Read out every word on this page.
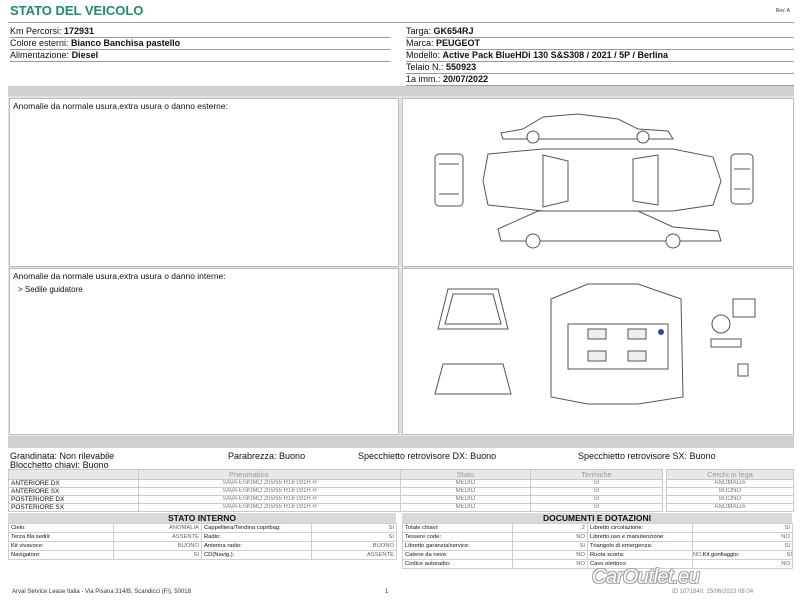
STATO DEL VEICOLO	Rev. A
Km Percorsi: 172931
Colore esterni: Bianco Banchisa pastello
Alimentazione: Diesel
Targa: GK654RJ
Marca: PEUGEOT
Modello: Active Pack BlueHDi 130 S&S308 / 2021 / 5P / Berlina
Telaio N.: 550923
1a imm.: 20/07/2022
Anomalie da normale usura,extra usura o danno esterne:
Anomalie da normale usura,extra usura o danno interne:
> Sedile guidatore
Grandinata: Non rilevabile	Parabrezza: Buono	Specchietto retrovisore DX: Buono	Specchietto retrovisore SX: Buono
Blocchetto chiavi: Buono
	Pneumatico	Stato	Termiche
ANTERIORE DX	SAVA ESKIMO 205/55 R16 091H H	MEDIO	SI
ANTERIORE SX	SAVA ESKIMO 205/55 R16 091H H	MEDIO	SI
POSTERIORE DX	SAVA ESKIMO 205/55 R16 091H H	MEDIO	SI
POSTERIORE SX	SAVA ESKIMO 205/55 R16 091H H	MEDIO	SI
Cerchi in lega
ANOMALIA
BUONO
BUONO
ANOMALIA
STATO INTERNO
Cielo:	ANOMALIA	Cappelliera/Tendina copribag:	SI
Terza fila sedili:	ASSENTE	Radio:	SI
Kit vivavoce:	BUONO	Antenna radio:	BUONO
Navigatore:	SI	CD(Navig.):	ASSENTE
DOCUMENTI E DOTAZIONI
Totale chiavi:	2	Libretto circolazione:	SI
Tessere code:	NO	Libretto uso e manutenzione:	NO
Libretto garanzia/service:	SI	Triangolo di emergenza:	SI
Catene da neve:	NO	Ruota scorta:	NO Kit gonfiaggio: SI

Codice autoradio:	NO	Cavo elettrico:	NO
Arval Service Lease Italia - Via Pisana 314/B, Scandicci (FI), 50018	1	ID 1071840, 15/06/2023 08:04
CarOutlet.eu
